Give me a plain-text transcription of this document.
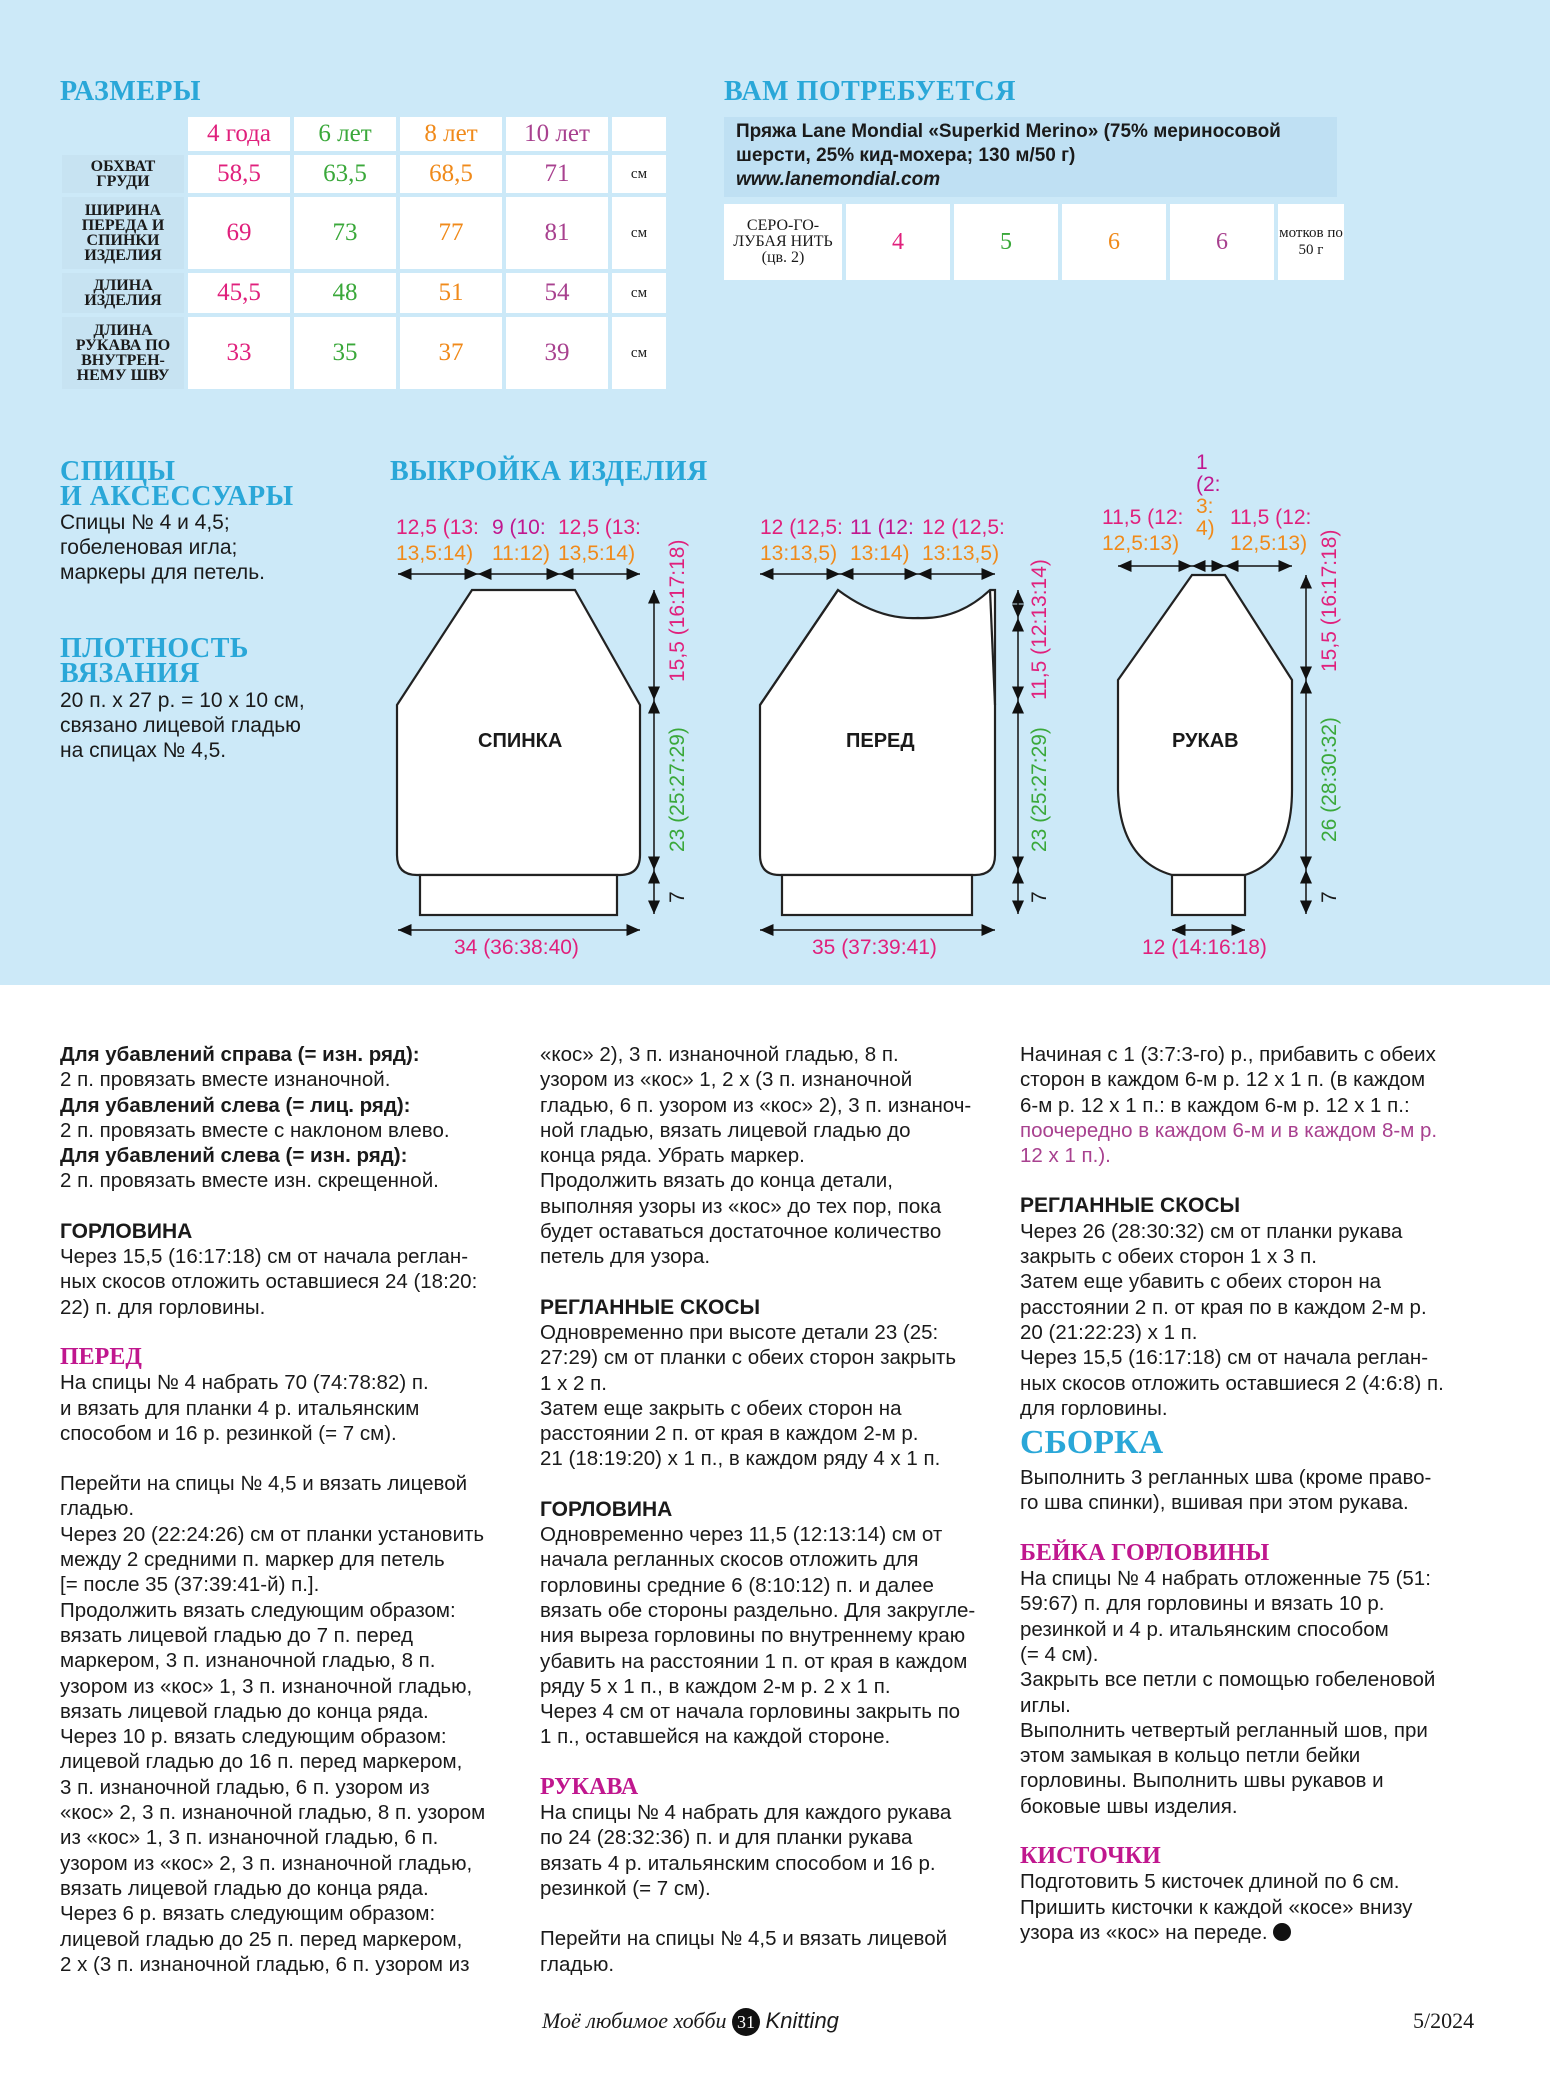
РАЗМЕРЫ
	4 года	6 лет	8 лет	10 лет	
ОБХВАТ ГРУДИ	58,5	63,5	68,5	71	см
ШИРИНА ПЕРЕДА И СПИНКИ ИЗДЕЛИЯ	69	73	77	81	см
ДЛИНА ИЗДЕЛИЯ	45,5	48	51	54	см
ДЛИНА РУКАВА ПО ВНУТРЕН-НЕМУ ШВУ	33	35	37	39	см
ВАМ ПОТРЕБУЕТСЯ
Пряжа Lane Mondial «Superkid Merino» (75% мериносовой
шерсти, 25% кид-мохера; 130 м/50 г)
www.lanemondial.com
СЕРО-ГО-ЛУБАЯ НИТЬ (цв. 2)	4	5	6	6	мотков по 50 г
СПИЦЫ
И АКСЕССУАРЫ
Спицы № 4 и 4,5;
гобеленовая игла;
маркеры для петель.
ПЛОТНОСТЬ
ВЯЗАНИЯ
20 п. х 27 р. = 10 х 10 см,
связано лицевой гладью
на спицах № 4,5.
ВЫКРОЙКА ИЗДЕЛИЯ
СПИНКА
12,5 (13:
13,5:14)
9 (10:
11:12)
12,5 (13:
13,5:14) 15,5 (16:17:18)
23 (25:27:29)
7
34 (36:38:40)
ПЕРЕД
12 (12,5:
13:13,5)
11 (12:
13:14)
12 (12,5:
13:13,5)
11,5 (12:13:14)
23 (25:27:29)
7
35 (37:39:41)
РУКАВ
1
(2:
3:
4)
11,5 (12:
12,5:13)
11,5 (12:
12,5:13) 15,5 (16:17:18)
26 (28:30:32)
7
12 (14:16:18)

Для убавлений справа (= изн. ряд):

2 п. провязать вместе изнаночной.

Для убавлений слева (= лиц. ряд):

2 п. провязать вместе с наклоном влево.

Для убавлений слева (= изн. ряд):

2 п. провязать вместе изн. скрещенной.

ГОРЛОВИНА

Через 15,5 (16:17:18) см от начала реглан-

ных скосов отложить оставшиеся 24 (18:20:

22) п. для горловины.

ПЕРЕД

На спицы № 4 набрать 70 (74:78:82) п.

и вязать для планки 4 р. итальянским

способом и 16 р. резинкой (= 7 см).

Перейти на спицы № 4,5 и вязать лицевой

гладью.

Через 20 (22:24:26) см от планки установить

между 2 средними п. маркер для петель

[= после 35 (37:39:41-й) п.].

Продолжить вязать следующим образом:

вязать лицевой гладью до 7 п. перед

маркером, 3 п. изнаночной гладью, 8 п.

узором из «кос» 1, 3 п. изнаночной гладью,

вязать лицевой гладью до конца ряда.

Через 10 р. вязать следующим образом:

лицевой гладью до 16 п. перед маркером,

3 п. изнаночной гладью, 6 п. узором из

«кос» 2, 3 п. изнаночной гладью, 8 п. узором

из «кос» 1, 3 п. изнаночной гладью, 6 п.

узором из «кос» 2, 3 п. изнаночной гладью,

вязать лицевой гладью до конца ряда.

Через 6 р. вязать следующим образом:

лицевой гладью до 25 п. перед маркером,

2 х (3 п. изнаночной гладью, 6 п. узором из

«кос» 2), 3 п. изнаночной гладью, 8 п.

узором из «кос» 1, 2 х (3 п. изнаночной

гладью, 6 п. узором из «кос» 2), 3 п. изнаноч-

ной гладью, вязать лицевой гладью до

конца ряда. Убрать маркер.

Продолжить вязать до конца детали,

выполняя узоры из «кос» до тех пор, пока

будет оставаться достаточное количество

петель для узора.

РЕГЛАННЫЕ СКОСЫ

Одновременно при высоте детали 23 (25:

27:29) см от планки с обеих сторон закрыть

1 х 2 п.

Затем еще закрыть с обеих сторон на

расстоянии 2 п. от края в каждом 2-м р.

21 (18:19:20) х 1 п., в каждом ряду 4 х 1 п.

ГОРЛОВИНА

Одновременно через 11,5 (12:13:14) см от

начала регланных скосов отложить для

горловины средние 6 (8:10:12) п. и далее

вязать обе стороны раздельно. Для закругле-

ния выреза горловины по внутреннему краю

убавить на расстоянии 1 п. от края в каждом

ряду 5 х 1 п., в каждом 2-м р. 2 х 1 п.

Через 4 см от начала горловины закрыть по

1 п., оставшейся на каждой стороне.

РУКАВА

На спицы № 4 набрать для каждого рукава

по 24 (28:32:36) п. и для планки рукава

вязать 4 р. итальянским способом и 16 р.

резинкой (= 7 см).

Перейти на спицы № 4,5 и вязать лицевой

гладью.

Начиная с 1 (3:7:3-го) р., прибавить с обеих

сторон в каждом 6-м р. 12 х 1 п. (в каждом

6-м р. 12 х 1 п.: в каждом 6-м р. 12 х 1 п.:

поочередно в каждом 6-м и в каждом 8-м р.

12 х 1 п.).

РЕГЛАННЫЕ СКОСЫ

Через 26 (28:30:32) см от планки рукава

закрыть с обеих сторон 1 х 3 п.

Затем еще убавить с обеих сторон на

расстоянии 2 п. от края по в каждом 2-м р.

20 (21:22:23) х 1 п.

Через 15,5 (16:17:18) см от начала реглан-

ных скосов отложить оставшиеся 2 (4:6:8) п.

для горловины.

СБОРКА

Выполнить 3 регланных шва (кроме право-

го шва спинки), вшивая при этом рукава.

БЕЙКА ГОРЛОВИНЫ

На спицы № 4 набрать отложенные 75 (51:

59:67) п. для горловины и вязать 10 р.

резинкой и 4 р. итальянским способом

(= 4 см).

Закрыть все петли с помощью гобеленовой

иглы.

Выполнить четвертый регланный шов, при

этом замыкая в кольцо петли бейки

горловины. Выполнить швы рукавов и

боковые швы изделия.

КИСТОЧКИ

Подготовить 5 кисточек длиной по 6 см.

Пришить кисточки к каждой «косе» внизу

узора из «кос» на переде.

Моё любимое хобби 31 Knitting	5/2024
